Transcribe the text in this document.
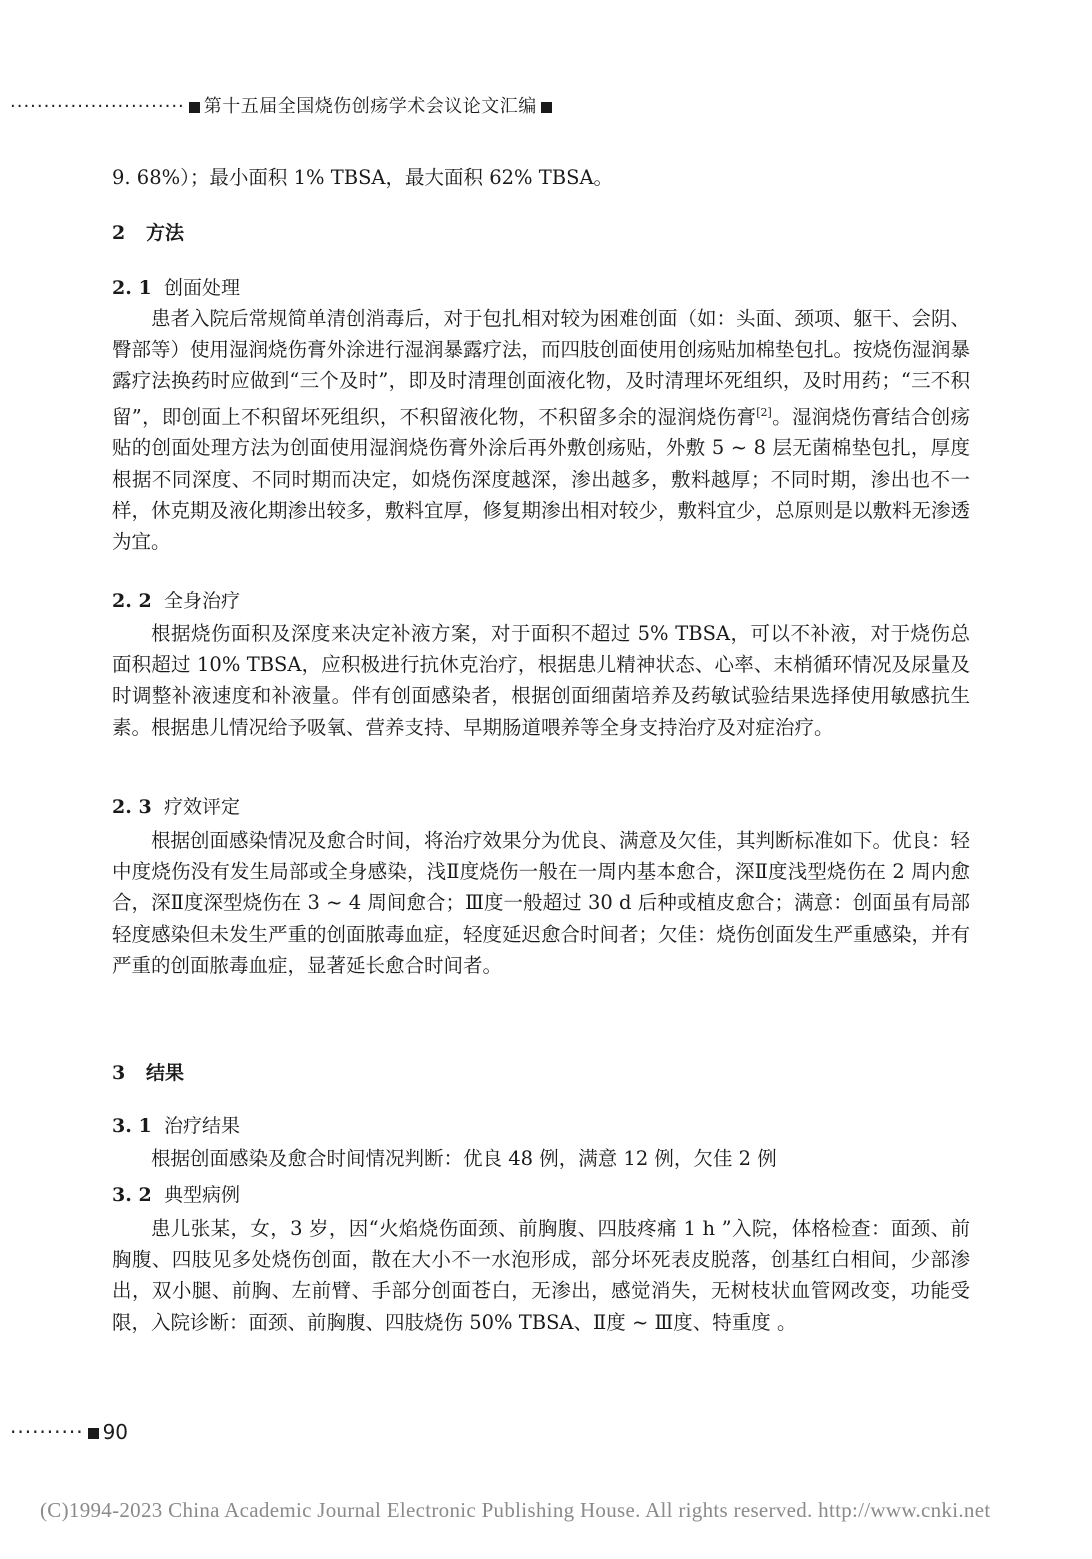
·························· 第十五届全国烧伤创疡学术会议论文汇编
9. 68%）；最小面积 1% TBSA，最大面积 62% TBSA。
2 方法
2. 1 创面处理

患者入院后常规简单清创消毒后，对于包扎相对较为困难创面（如：头面、颈项、躯干、会阴、臀部等）使用湿润烧伤膏外涂进行湿润暴露疗法，而四肢创面使用创疡贴加棉垫包扎。按烧伤湿润暴露疗法换药时应做到“三个及时”，即及时清理创面液化物，及时清理坏死组织，及时用药；“三不积留”，即创面上不积留坏死组织，不积留液化物，不积留多余的湿润烧伤膏[2]。湿润烧伤膏结合创疡贴的创面处理方法为创面使用湿润烧伤膏外涂后再外敷创疡贴，外敷 5 ~ 8 层无菌棉垫包扎，厚度根据不同深度、不同时期而决定，如烧伤深度越深，渗出越多，敷料越厚；不同时期，渗出也不一样，休克期及液化期渗出较多，敷料宜厚，修复期渗出相对较少，敷料宜少，总原则是以敷料无渗透为宜。

2. 2 全身治疗

根据烧伤面积及深度来决定补液方案，对于面积不超过 5% TBSA，可以不补液，对于烧伤总面积超过 10% TBSA，应积极进行抗休克治疗，根据患儿精神状态、心率、末梢循环情况及尿量及时调整补液速度和补液量。伴有创面感染者，根据创面细菌培养及药敏试验结果选择使用敏感抗生素。根据患儿情况给予吸氧、营养支持、早期肠道喂养等全身支持治疗及对症治疗。

2. 3 疗效评定

根据创面感染情况及愈合时间，将治疗效果分为优良、满意及欠佳，其判断标准如下。优良：轻中度烧伤没有发生局部或全身感染，浅Ⅱ度烧伤一般在一周内基本愈合，深Ⅱ度浅型烧伤在 2 周内愈合，深Ⅱ度深型烧伤在 3 ~ 4 周间愈合；Ⅲ度一般超过 30 d 后种或植皮愈合；满意：创面虽有局部轻度感染但未发生严重的创面脓毒血症，轻度延迟愈合时间者；欠佳：烧伤创面发生严重感染，并有严重的创面脓毒血症，显著延长愈合时间者。

3 结果
3. 1 治疗结果

根据创面感染及愈合时间情况判断：优良 48 例，满意 12 例，欠佳 2 例

3. 2 典型病例

患儿张某，女，3 岁，因“火焰烧伤面颈、前胸腹、四肢疼痛 1 h ”入院，体格检查：面颈、前胸腹、四肢见多处烧伤创面，散在大小不一水泡形成，部分坏死表皮脱落，创基红白相间，少部渗出，双小腿、前胸、左前臂、手部分创面苍白，无渗出，感觉消失，无树枝状血管网改变，功能受限，入院诊断：面颈、前胸腹、四肢烧伤 50% TBSA、Ⅱ度 ~ Ⅲ度、特重度 。

·········· 90
(C)1994-2023 China Academic Journal Electronic Publishing House. All rights reserved. http://www.cnki.net
